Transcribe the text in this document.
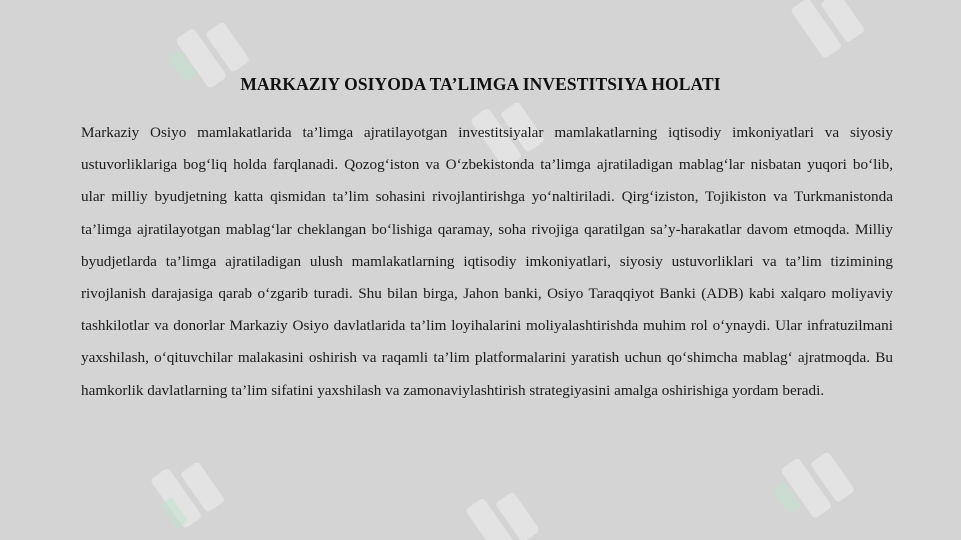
MARKAZIY OSIYODA TA’LIMGA INVESTITSIYA HOLATI

Markaziy Osiyo mamlakatlarida ta’limga ajratilayotgan investitsiyalar mamlakatlarning iqtisodiy imkoniyatlari va siyosiy ustuvorliklariga bog‘liq holda farqlanadi. Qozog‘iston va O‘zbekistonda ta’limga ajratiladigan mablag‘lar nisbatan yuqori bo‘lib, ular milliy byudjetning katta qismidan ta’lim sohasini rivojlantirishga yo‘naltiriladi. Qirg‘iziston, Tojikiston va Turkmanistonda ta’limga ajratilayotgan mablag‘lar cheklangan bo‘lishiga qaramay, soha rivojiga qaratilgan sa’y-harakatlar davom etmoqda. Milliy byudjetlarda ta’limga ajratiladigan ulush mamlakatlarning iqtisodiy imkoniyatlari, siyosiy ustuvorliklari va ta’lim tizimining rivojlanish darajasiga qarab o‘zgarib turadi. Shu bilan birga, Jahon banki, Osiyo Taraqqiyot Banki (ADB) kabi xalqaro moliyaviy tashkilotlar va donorlar Markaziy Osiyo davlatlarida ta’lim loyihalarini moliyalashtirishda muhim rol o‘ynaydi. Ular infratuzilmani yaxshilash, o‘qituvchilar malakasini oshirish va raqamli ta’lim platformalarini yaratish uchun qo‘shimcha mablag‘ ajratmoqda. Bu hamkorlik davlatlarning ta’lim sifatini yaxshilash va zamonaviylashtirish strategiyasini amalga oshirishiga yordam beradi.
